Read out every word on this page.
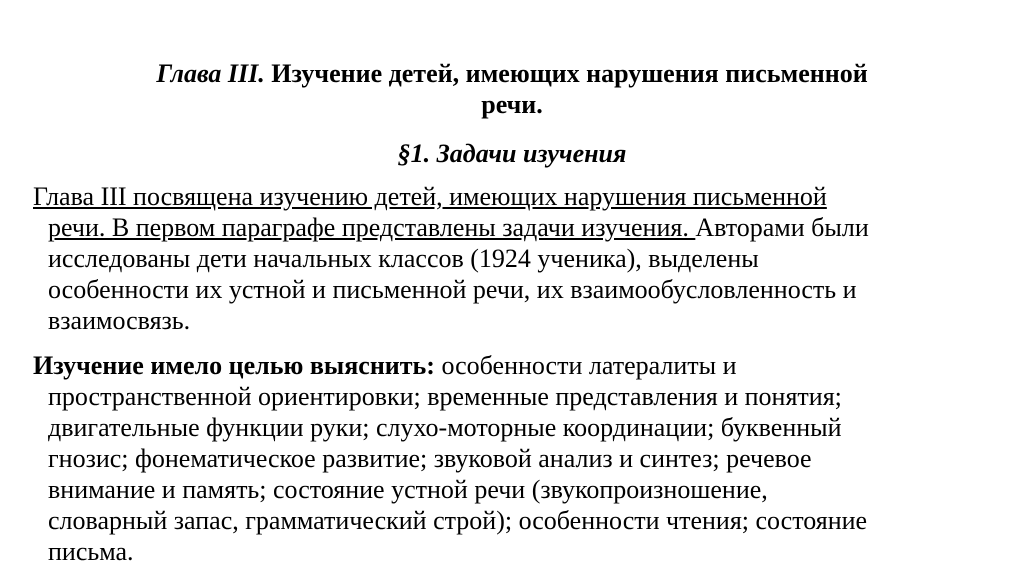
Глава III. Изучение детей, имеющих нарушения письменной
речи.
§1. Задачи изучения
Глава III посвящена изучению детей, имеющих нарушения письменной
речи. В первом параграфе представлены задачи изучения. Авторами были
исследованы дети начальных классов (1924 ученика), выделены
особенности их устной и письменной речи, их взаимообусловленность и
взаимосвязь.
Изучение имело целью выяснить: особенности латералиты и
пространственной ориентировки; временные представления и понятия;
двигательные функции руки; слухо-моторные координации; буквенный
гнозис; фонематическое развитие; звуковой анализ и синтез; речевое
внимание и память; состояние устной речи (звукопроизношение,
словарный запас, грамматический строй); особенности чтения; состояние
письма.
